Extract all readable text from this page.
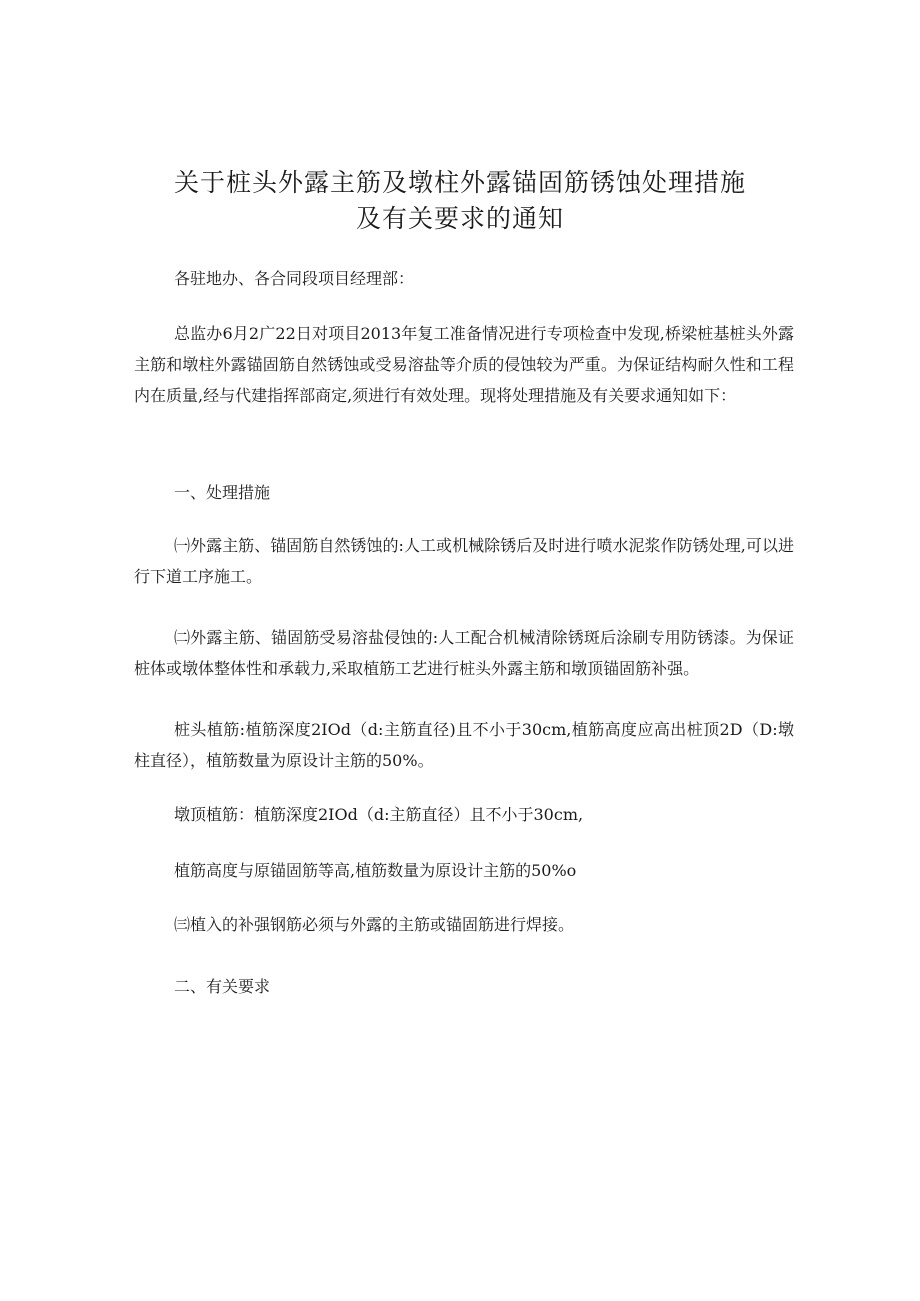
关于桩头外露主筋及墩柱外露锚固筋锈蚀处理措施
及有关要求的通知
各驻地办、各合同段项目经理部：
总监办6月2广22日对项目2013年复工准备情况进行专项检查中发现,桥梁桩基桩头外露主筋和墩柱外露锚固筋自然锈蚀或受易溶盐等介质的侵蚀较为严重。为保证结构耐久性和工程内在质量,经与代建指挥部商定,须进行有效处理。现将处理措施及有关要求通知如下：
一、处理措施
㈠外露主筋、锚固筋自然锈蚀的:人工或机械除锈后及时进行喷水泥浆作防锈处理,可以进行下道工序施工。
㈡外露主筋、锚固筋受易溶盐侵蚀的:人工配合机械清除锈斑后涂刷专用防锈漆。为保证桩体或墩体整体性和承载力,采取植筋工艺进行桩头外露主筋和墩顶锚固筋补强。
桩头植筋:植筋深度2IOd（d:主筋直径)且不小于30cm,植筋高度应高出桩顶2D（D:墩柱直径），植筋数量为原设计主筋的50%。
墩顶植筋：植筋深度2IOd（d:主筋直径）且不小于30cm,
植筋高度与原锚固筋等高,植筋数量为原设计主筋的50%o
㈢植入的补强钢筋必须与外露的主筋或锚固筋进行焊接。
二、有关要求
